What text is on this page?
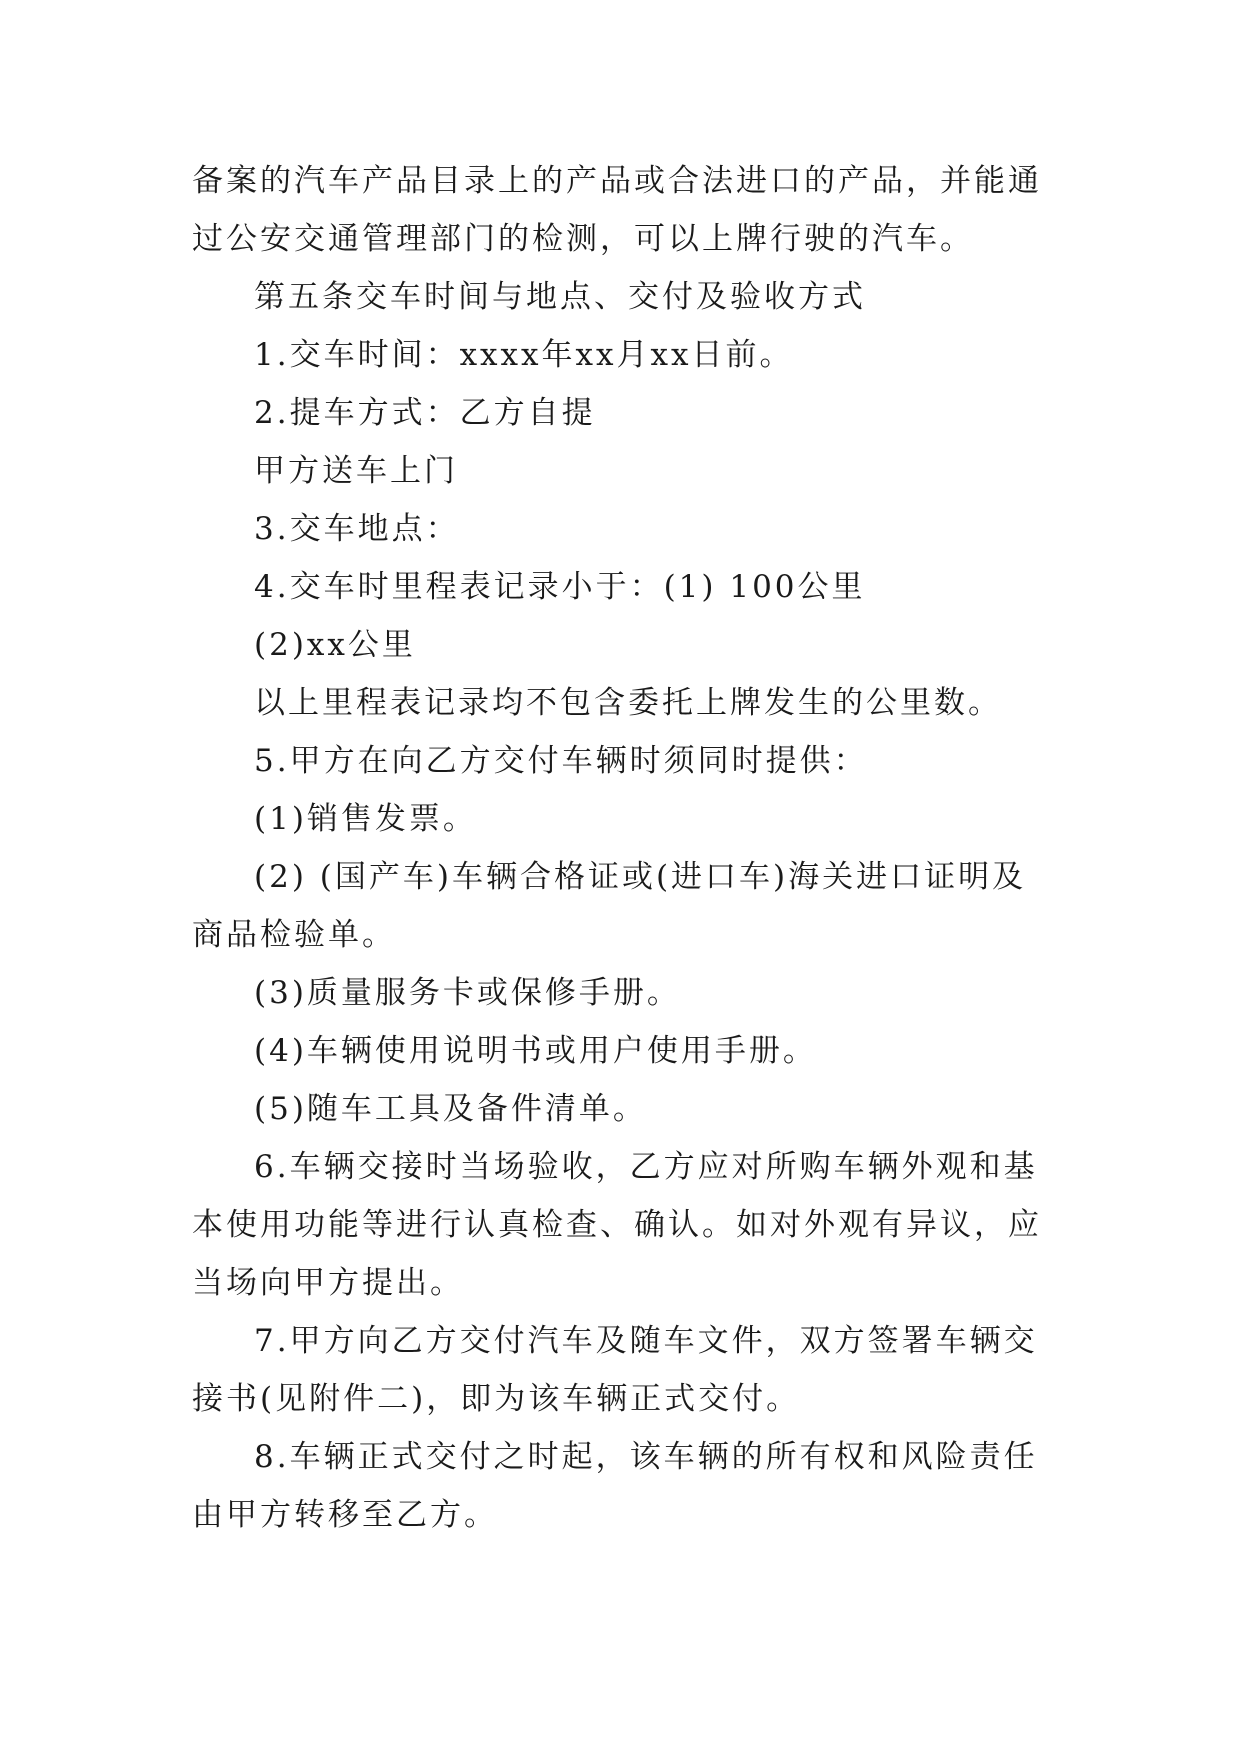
备案的汽车产品目录上的产品或合法进口的产品，并能通过公安交通管理部门的检测，可以上牌行驶的汽车。

第五条交车时间与地点、交付及验收方式

1.交车时间：xxxx年xx月xx日前。

2.提车方式：乙方自提

甲方送车上门

3.交车地点：

4.交车时里程表记录小于：(1) 100公里

(2)xx公里

以上里程表记录均不包含委托上牌发生的公里数。

5.甲方在向乙方交付车辆时须同时提供：

(1)销售发票。

(2) (国产车)车辆合格证或(进口车)海关进口证明及商品检验单。

(3)质量服务卡或保修手册。

(4)车辆使用说明书或用户使用手册。

(5)随车工具及备件清单。

6.车辆交接时当场验收，乙方应对所购车辆外观和基本使用功能等进行认真检查、确认。如对外观有异议，应当场向甲方提出。

7.甲方向乙方交付汽车及随车文件，双方签署车辆交接书(见附件二)，即为该车辆正式交付。

8.车辆正式交付之时起，该车辆的所有权和风险责任由甲方转移至乙方。
